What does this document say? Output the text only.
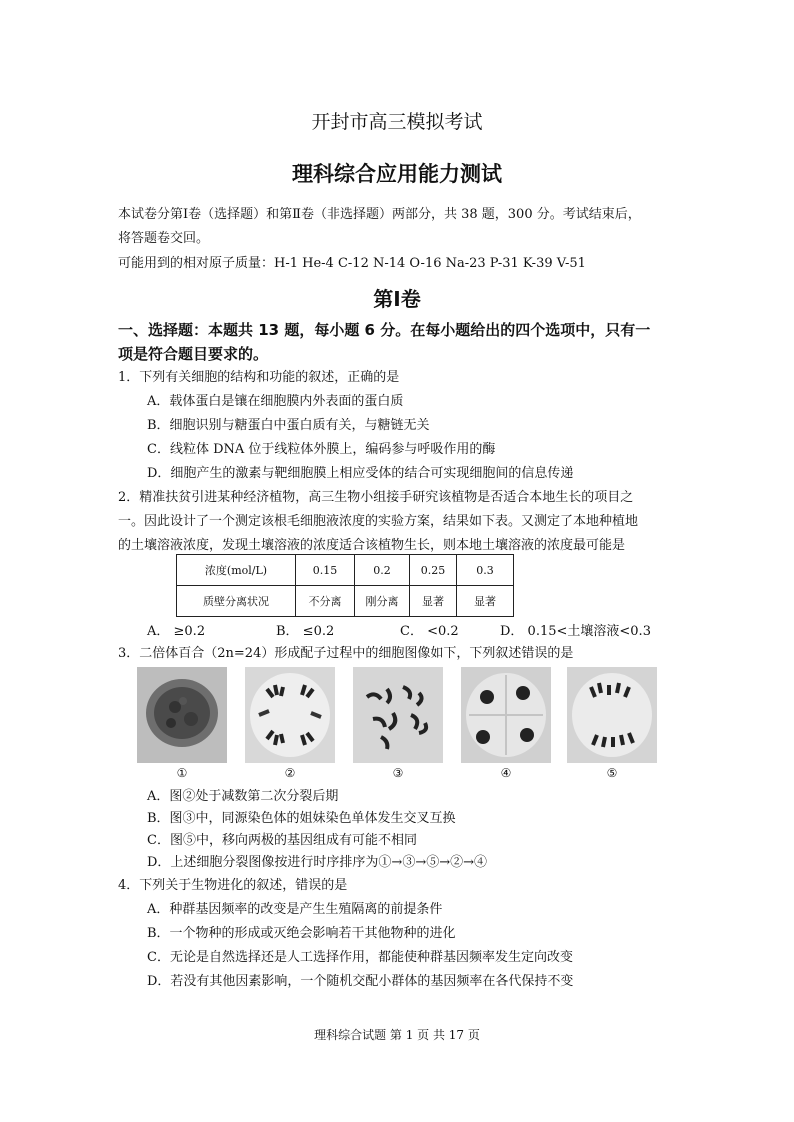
开封市高三模拟考试
理科综合应用能力测试
本试卷分第Ⅰ卷（选择题）和第Ⅱ卷（非选择题）两部分，共 38 题，300 分。考试结束后，
将答题卷交回。
可能用到的相对原子质量：H-1 He-4 C-12 N-14 O-16 Na-23 P-31 K-39 V-51
第Ⅰ卷
一、选择题：本题共 13 题，每小题 6 分。在每小题给出的四个选项中，只有一
项是符合题目要求的。
1．下列有关细胞的结构和功能的叙述，正确的是
A．载体蛋白是镶在细胞膜内外表面的蛋白质
B．细胞识别与糖蛋白中蛋白质有关，与糖链无关
C．线粒体 DNA 位于线粒体外膜上，编码参与呼吸作用的酶
D．细胞产生的激素与靶细胞膜上相应受体的结合可实现细胞间的信息传递
2．精准扶贫引进某种经济植物，高三生物小组接手研究该植物是否适合本地生长的项目之
一。因此设计了一个测定该根毛细胞液浓度的实验方案，结果如下表。又测定了本地种植地
的土壤溶液浓度，发现土壤溶液的浓度适合该植物生长，则本地土壤溶液的浓度最可能是
浓度(mol/L)	0.15	0.2	0.25	0.3
质壁分离状况	不分离	刚分离	显著	显著
A． ≥0.2	B． ≤0.2	C． <0.2	D． 0.15<土壤溶液<0.3
3．二倍体百合（2n=24）形成配子过程中的细胞图像如下，下列叙述错误的是
①	②	③	④	⑤
A．图②处于减数第二次分裂后期
B．图③中，同源染色体的姐妹染色单体发生交叉互换
C．图⑤中，移向两极的基因组成有可能不相同
D．上述细胞分裂图像按进行时序排序为①→③→⑤→②→④
4．下列关于生物进化的叙述，错误的是
A．种群基因频率的改变是产生生殖隔离的前提条件
B．一个物种的形成或灭绝会影响若干其他物种的进化
C．无论是自然选择还是人工选择作用，都能使种群基因频率发生定向改变
D．若没有其他因素影响，一个随机交配小群体的基因频率在各代保持不变
理科综合试题 第 1 页 共 17 页
